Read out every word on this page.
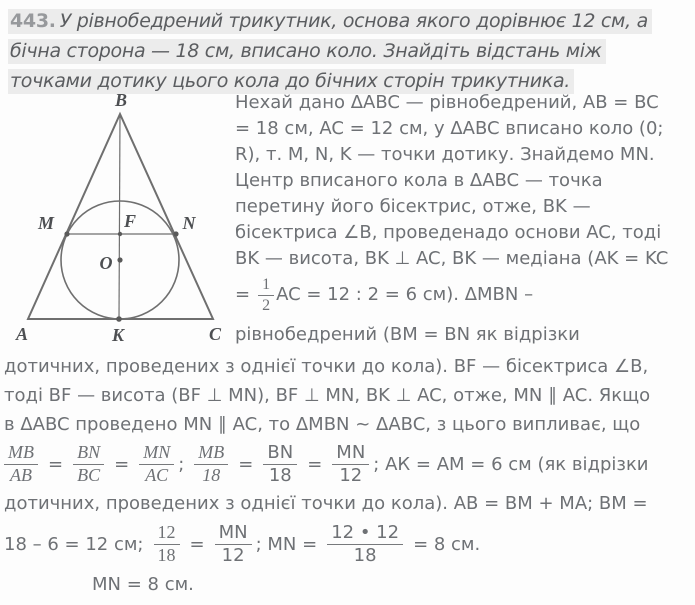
443. У рівнобедрений трикутник, основа якого дорівнює 12 см, а
бічна сторона — 18 см, вписано коло. Знайдіть відстань між
точками дотику цього кола до бічних сторін трикутника.
B
M	F	N
O
A	K	C
Нехай дано ΔABC — рівнобедрений, AB = BC
= 18 см, AC = 12 см, у ΔABC вписано коло (0;
R), т. M, N, K — точки дотику. Знайдемо MN.
Центр вписаного кола в ΔABC — точка
перетину його бісектрис, отже, BK —
бісектриса ∠B, проведенадо основи AC, тоді
BK — висота, BK ⊥ AC, BK — медіана (AK = KC
= $\frac{1}{2}$ AC = 12 : 2 = 6 см). ΔMBN –
рівнобедрений (BM = BN як відрізки
дотичних, проведених з однієї точки до кола). BF — бісектриса ∠B,
тоді BF — висота (BF ⊥ MN), BF ⊥ MN, BK ⊥ AC, отже, MN ∥ AC. Якщо
в ΔABC проведено MN ∥ AC, то ΔMBN ~ ΔABC, з цього випливає, що
$\frac{MB}{AB} = \frac{BN}{BC} = \frac{MN}{AC}$ ; $\frac{MB}{18} = \frac{BN}{18} = \frac{MN}{12}$ ; АК = АМ = 6 см (як відрізки
дотичних, проведених з однієї точки до кола). АВ = ВМ + МА; ВМ =
18 – 6 = 12 см; $\frac{12}{18} = \frac{MN}{12}$ ; MN = $\frac{12 • 12}{18} = 8$ см.
MN = 8 см.
